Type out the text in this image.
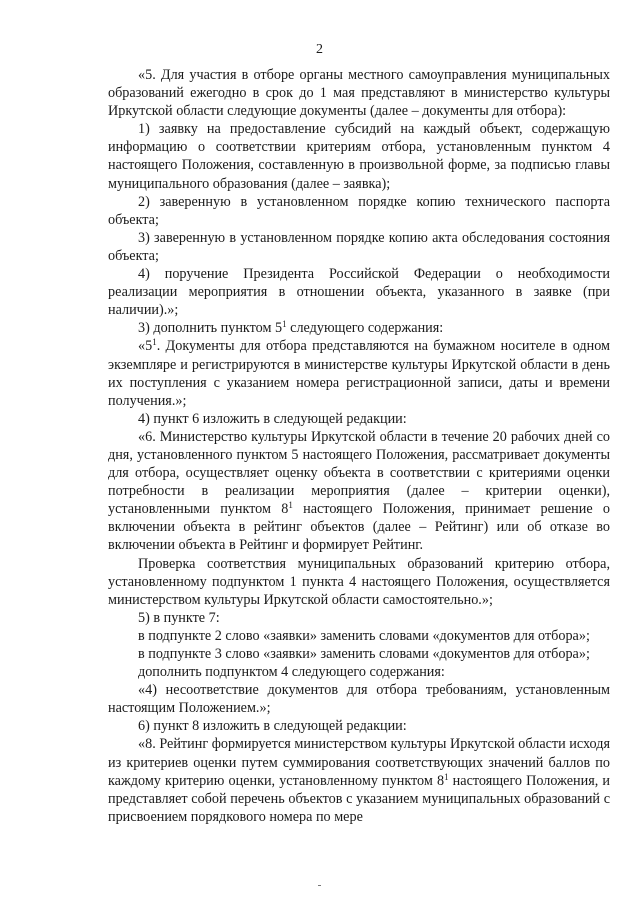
2

«5. Для участия в отборе органы местного самоуправления муниципальных образований ежегодно в срок до 1 мая представляют в министерство культуры Иркутской области следующие документы (далее – документы для отбора):

1) заявку на предоставление субсидий на каждый объект, содержащую информацию о соответствии критериям отбора, установленным пунктом 4 настоящего Положения, составленную в произвольной форме, за подписью главы муниципального образования (далее – заявка);

2) заверенную в установленном порядке копию технического паспорта объекта;

3) заверенную в установленном порядке копию акта обследования состояния объекта;

4) поручение Президента Российской Федерации о необходимости реализации мероприятия в отношении объекта, указанного в заявке (при наличии).»;

3) дополнить пунктом $5^1$ следующего содержания:

«$5^1$. Документы для отбора представляются на бумажном носителе в одном экземпляре и регистрируются в министерстве культуры Иркутской области в день их поступления с указанием номера регистрационной записи, даты и времени получения.»;

4) пункт 6 изложить в следующей редакции:

«6. Министерство культуры Иркутской области в течение 20 рабочих дней со дня, установленного пунктом 5 настоящего Положения, рассматривает документы для отбора, осуществляет оценку объекта в соответствии с критериями оценки потребности в реализации мероприятия (далее – критерии оценки), установленными пунктом $8^1$ настоящего Положения, принимает решение о включении объекта в рейтинг объектов (далее – Рейтинг) или об отказе во включении объекта в Рейтинг и формирует Рейтинг.

Проверка соответствия муниципальных образований критерию отбора, установленному подпунктом 1 пункта 4 настоящего Положения, осуществляется министерством культуры Иркутской области самостоятельно.»;

5) в пункте 7:

в подпункте 2 слово «заявки» заменить словами «документов для отбора»;

в подпункте 3 слово «заявки» заменить словами «документов для отбора»;

дополнить подпунктом 4 следующего содержания:

«4) несоответствие документов для отбора требованиям, установленным настоящим Положением.»;

6) пункт 8 изложить в следующей редакции:

«8. Рейтинг формируется министерством культуры Иркутской области исходя из критериев оценки путем суммирования соответствующих значений баллов по каждому критерию оценки, установленному пунктом $8^1$ настоящего Положения, и представляет собой перечень объектов с указанием муниципальных образований с присвоением порядкового номера по мере
